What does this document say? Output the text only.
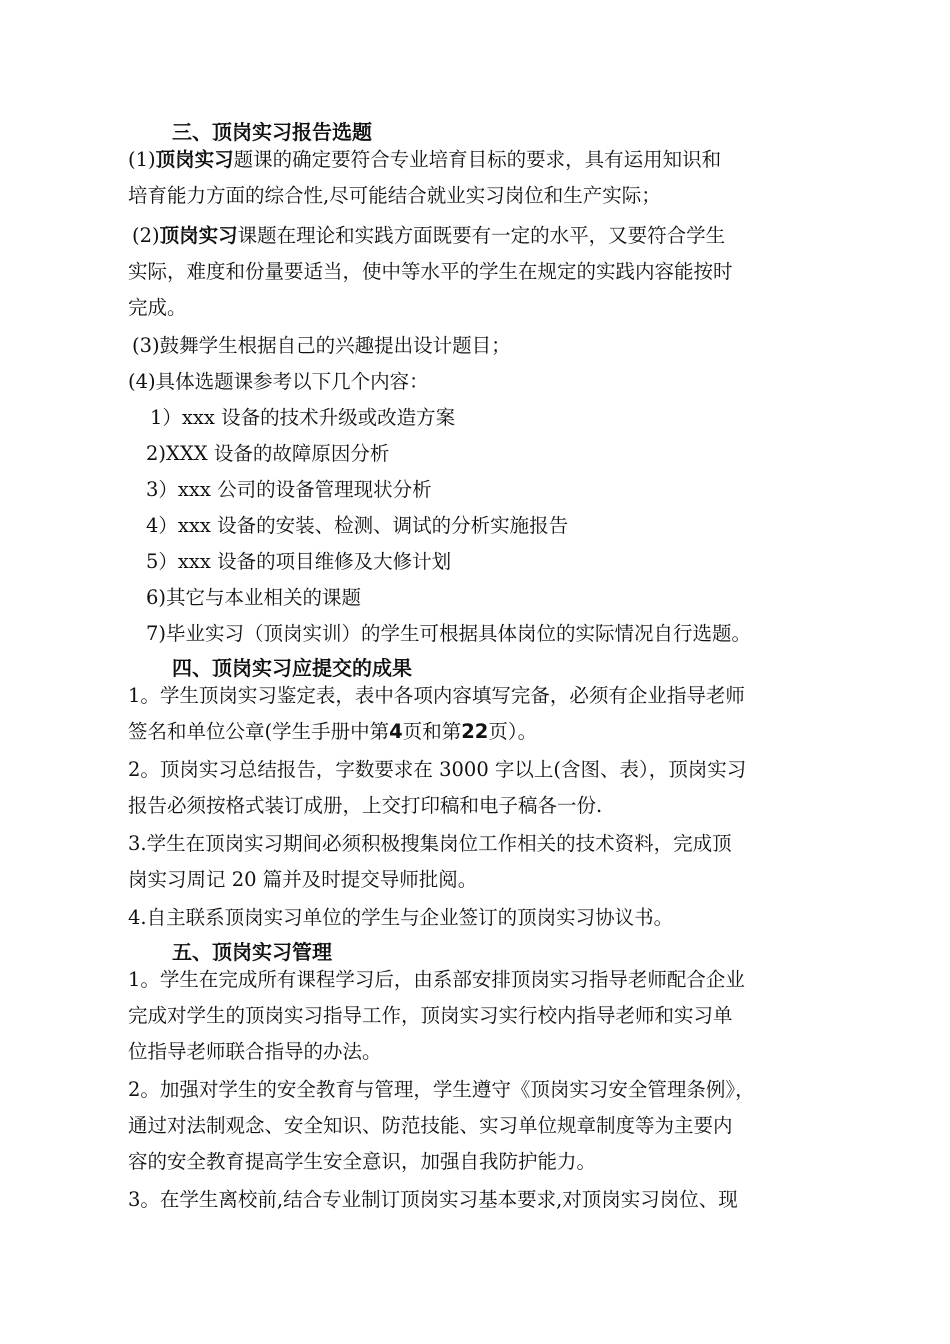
三、顶岗实习报告选题
(1)顶岗实习题课的确定要符合专业培育目标的要求，具有运用知识和
培育能力方面的综合性,尽可能结合就业实习岗位和生产实际；
(2)顶岗实习课题在理论和实践方面既要有一定的水平，又要符合学生
实际，难度和份量要适当，使中等水平的学生在规定的实践内容能按时
完成。
(3)鼓舞学生根据自己的兴趣提出设计题目；
(4)具体选题课参考以下几个内容：
1）xxx 设备的技术升级或改造方案
2)XXX 设备的故障原因分析
3）xxx 公司的设备管理现状分析
4）xxx 设备的安装、检测、调试的分析实施报告
5）xxx 设备的项目维修及大修计划
6)其它与本业相关的课题
7)毕业实习（顶岗实训）的学生可根据具体岗位的实际情况自行选题。
四、顶岗实习应提交的成果
1。学生顶岗实习鉴定表，表中各项内容填写完备，必须有企业指导老师
签名和单位公章(学生手册中第4页和第22页）。
2。顶岗实习总结报告，字数要求在 3000 字以上(含图、表），顶岗实习
报告必须按格式装订成册，上交打印稿和电子稿各一份.
3.学生在顶岗实习期间必须积极搜集岗位工作相关的技术资料，完成顶
岗实习周记 20 篇并及时提交导师批阅。
4.自主联系顶岗实习单位的学生与企业签订的顶岗实习协议书。
五、顶岗实习管理
1。学生在完成所有课程学习后，由系部安排顶岗实习指导老师配合企业
完成对学生的顶岗实习指导工作，顶岗实习实行校内指导老师和实习单
位指导老师联合指导的办法。
2。加强对学生的安全教育与管理，学生遵守《顶岗实习安全管理条例》，
通过对法制观念、安全知识、防范技能、实习单位规章制度等为主要内
容的安全教育提高学生安全意识，加强自我防护能力。
3。在学生离校前,结合专业制订顶岗实习基本要求,对顶岗实习岗位、现
